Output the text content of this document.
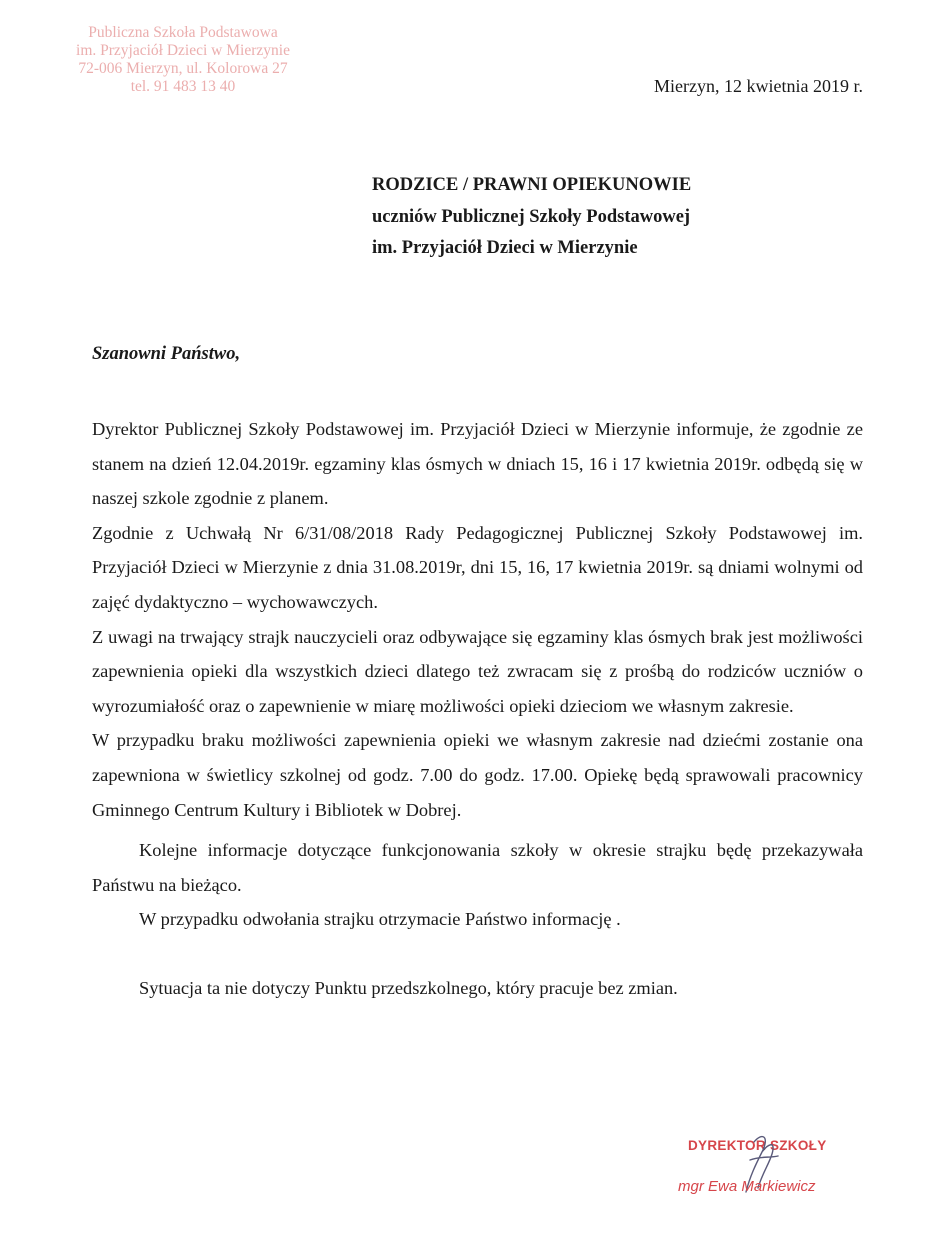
Publiczna Szkoła Podstawowa
im. Przyjaciół Dzieci w Mierzynie
72-006 Mierzyn, ul. Kolorowa 27
tel. 91 483 13 40	Mierzyn, 12 kwietnia 2019 r.
RODZICE / PRAWNI OPIEKUNOWIE
uczniów Publicznej Szkoły Podstawowej
im. Przyjaciół Dzieci w Mierzynie
Szanowni Państwo,

Dyrektor Publicznej Szkoły Podstawowej im. Przyjaciół Dzieci w Mierzynie informuje, że zgodnie ze stanem na dzień 12.04.2019r. egzaminy klas ósmych w dniach 15, 16 i 17 kwietnia 2019r. odbędą się w naszej szkole zgodnie z planem.

Zgodnie z Uchwałą Nr 6/31/08/2018 Rady Pedagogicznej Publicznej Szkoły Podstawowej im. Przyjaciół Dzieci w Mierzynie z dnia 31.08.2019r, dni 15, 16, 17 kwietnia 2019r. są dniami wolnymi od zajęć dydaktyczno – wychowawczych.

Z uwagi na trwający strajk nauczycieli oraz odbywające się egzaminy klas ósmych brak jest możliwości zapewnienia opieki dla wszystkich dzieci dlatego też zwracam się z prośbą do rodziców uczniów o wyrozumiałość oraz o zapewnienie w miarę możliwości opieki dzieciom we własnym zakresie.

W przypadku braku możliwości zapewnienia opieki we własnym zakresie nad dziećmi zostanie ona zapewniona w świetlicy szkolnej od godz. 7.00 do godz. 17.00. Opiekę będą sprawowali pracownicy Gminnego Centrum Kultury i Bibliotek w Dobrej.

Kolejne informacje dotyczące funkcjonowania szkoły w okresie strajku będę przekazywała Państwu na bieżąco.

W przypadku odwołania strajku otrzymacie Państwo informację .

Sytuacja ta nie dotyczy Punktu przedszkolnego, który pracuje bez zmian.

DYREKTOR SZKOŁY
mgr Ewa Markiewicz
